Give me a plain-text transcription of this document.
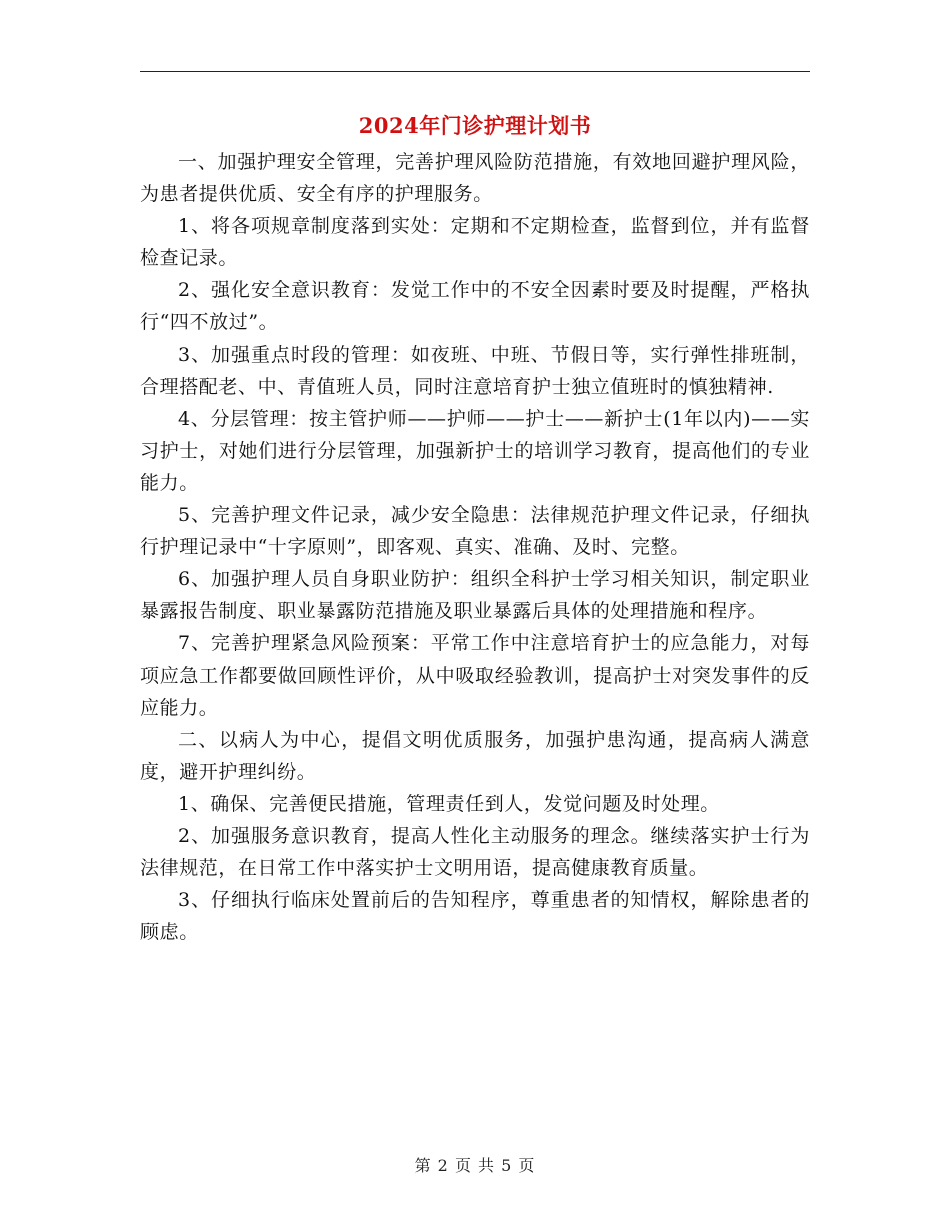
2024年门诊护理计划书

一、加强护理安全管理，完善护理风险防范措施，有效地回避护理风险，为患者提供优质、安全有序的护理服务。

1、将各项规章制度落到实处：定期和不定期检查，监督到位，并有监督检查记录。

2、强化安全意识教育：发觉工作中的不安全因素时要及时提醒，严格执行“四不放过”。

3、加强重点时段的管理：如夜班、中班、节假日等，实行弹性排班制，合理搭配老、中、青值班人员，同时注意培育护士独立值班时的慎独精神.

4、分层管理：按主管护师——护师——护士——新护士(1年以内)——实习护士，对她们进行分层管理，加强新护士的培训学习教育，提高他们的专业能力。

5、完善护理文件记录，减少安全隐患：法律规范护理文件记录，仔细执行护理记录中“十字原则”，即客观、真实、准确、及时、完整。

6、加强护理人员自身职业防护：组织全科护士学习相关知识，制定职业暴露报告制度、职业暴露防范措施及职业暴露后具体的处理措施和程序。

7、完善护理紧急风险预案：平常工作中注意培育护士的应急能力，对每项应急工作都要做回顾性评价，从中吸取经验教训，提高护士对突发事件的反应能力。

二、以病人为中心，提倡文明优质服务，加强护患沟通，提高病人满意度，避开护理纠纷。

1、确保、完善便民措施，管理责任到人，发觉问题及时处理。

2、加强服务意识教育，提高人性化主动服务的理念。继续落实护士行为法律规范，在日常工作中落实护士文明用语，提高健康教育质量。

3、仔细执行临床处置前后的告知程序，尊重患者的知情权，解除患者的顾虑。

第 2 页 共 5 页
